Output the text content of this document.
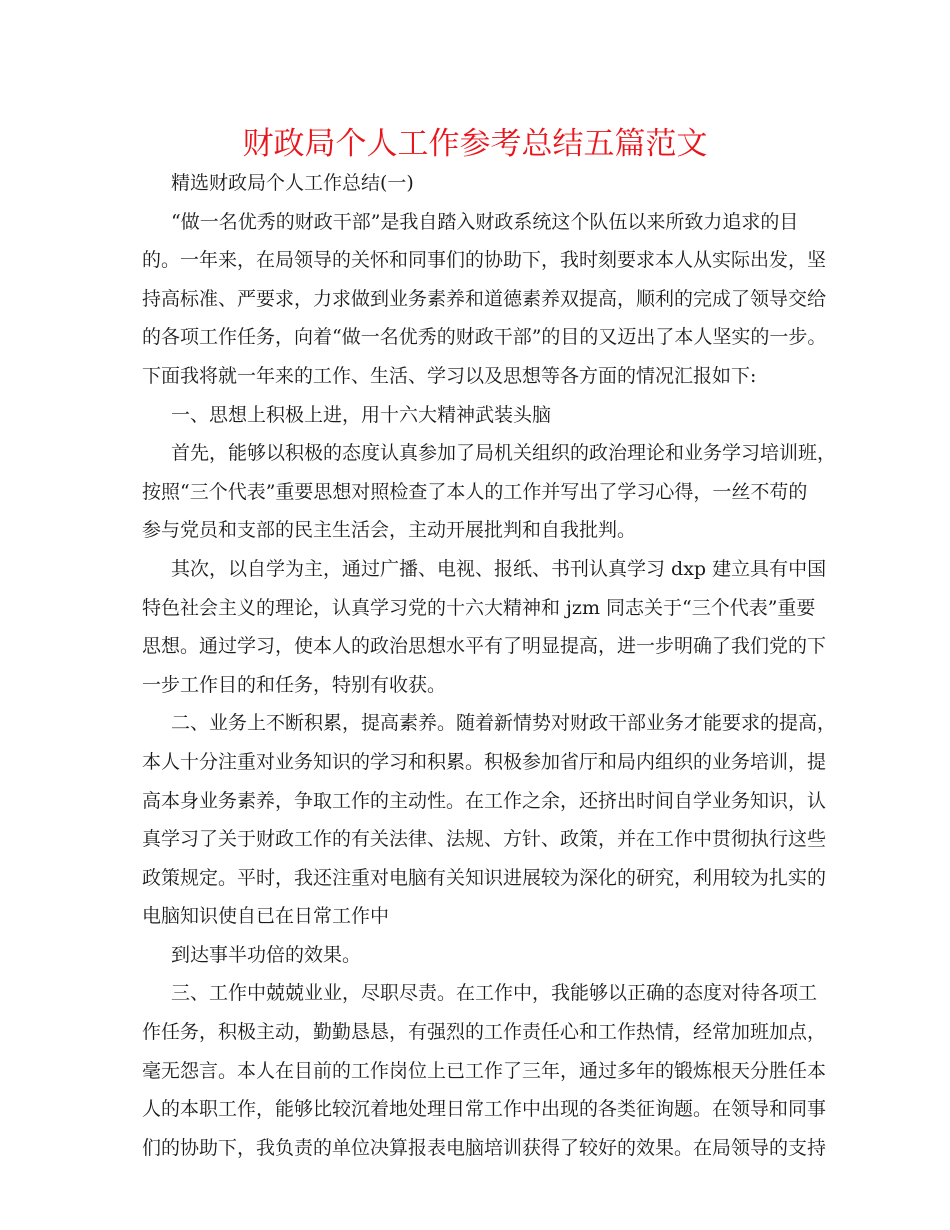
财政局个人工作参考总结五篇范文
精选财政局个人工作总结(一)
“做一名优秀的财政干部”是我自踏入财政系统这个队伍以来所致力追求的目
的。一年来，在局领导的关怀和同事们的协助下，我时刻要求本人从实际出发，坚
持高标准、严要求，力求做到业务素养和道德素养双提高，顺利的完成了领导交给
的各项工作任务，向着“做一名优秀的财政干部”的目的又迈出了本人坚实的一步。
下面我将就一年来的工作、生活、学习以及思想等各方面的情况汇报如下:
一、思想上积极上进，用十六大精神武装头脑
首先，能够以积极的态度认真参加了局机关组织的政治理论和业务学习培训班，
按照“三个代表”重要思想对照检查了本人的工作并写出了学习心得，一丝不苟的
参与党员和支部的民主生活会，主动开展批判和自我批判。
其次，以自学为主，通过广播、电视、报纸、书刊认真学习 dxp 建立具有中国
特色社会主义的理论，认真学习党的十六大精神和 jzm 同志关于“三个代表”重要
思想。通过学习，使本人的政治思想水平有了明显提高，进一步明确了我们党的下
一步工作目的和任务，特别有收获。
二、业务上不断积累，提高素养。随着新情势对财政干部业务才能要求的提高，
本人十分注重对业务知识的学习和积累。积极参加省厅和局内组织的业务培训，提
高本身业务素养，争取工作的主动性。在工作之余，还挤出时间自学业务知识，认
真学习了关于财政工作的有关法律、法规、方针、政策，并在工作中贯彻执行这些
政策规定。平时，我还注重对电脑有关知识进展较为深化的研究，利用较为扎实的
电脑知识使自已在日常工作中
到达事半功倍的效果。
三、工作中兢兢业业，尽职尽责。在工作中，我能够以正确的态度对待各项工
作任务，积极主动，勤勤恳恳，有强烈的工作责任心和工作热情，经常加班加点，
毫无怨言。本人在目前的工作岗位上已工作了三年，通过多年的锻炼根天分胜任本
人的本职工作，能够比较沉着地处理日常工作中出现的各类征询题。在领导和同事
们的协助下，我负责的单位决算报表电脑培训获得了较好的效果。在局领导的支持
